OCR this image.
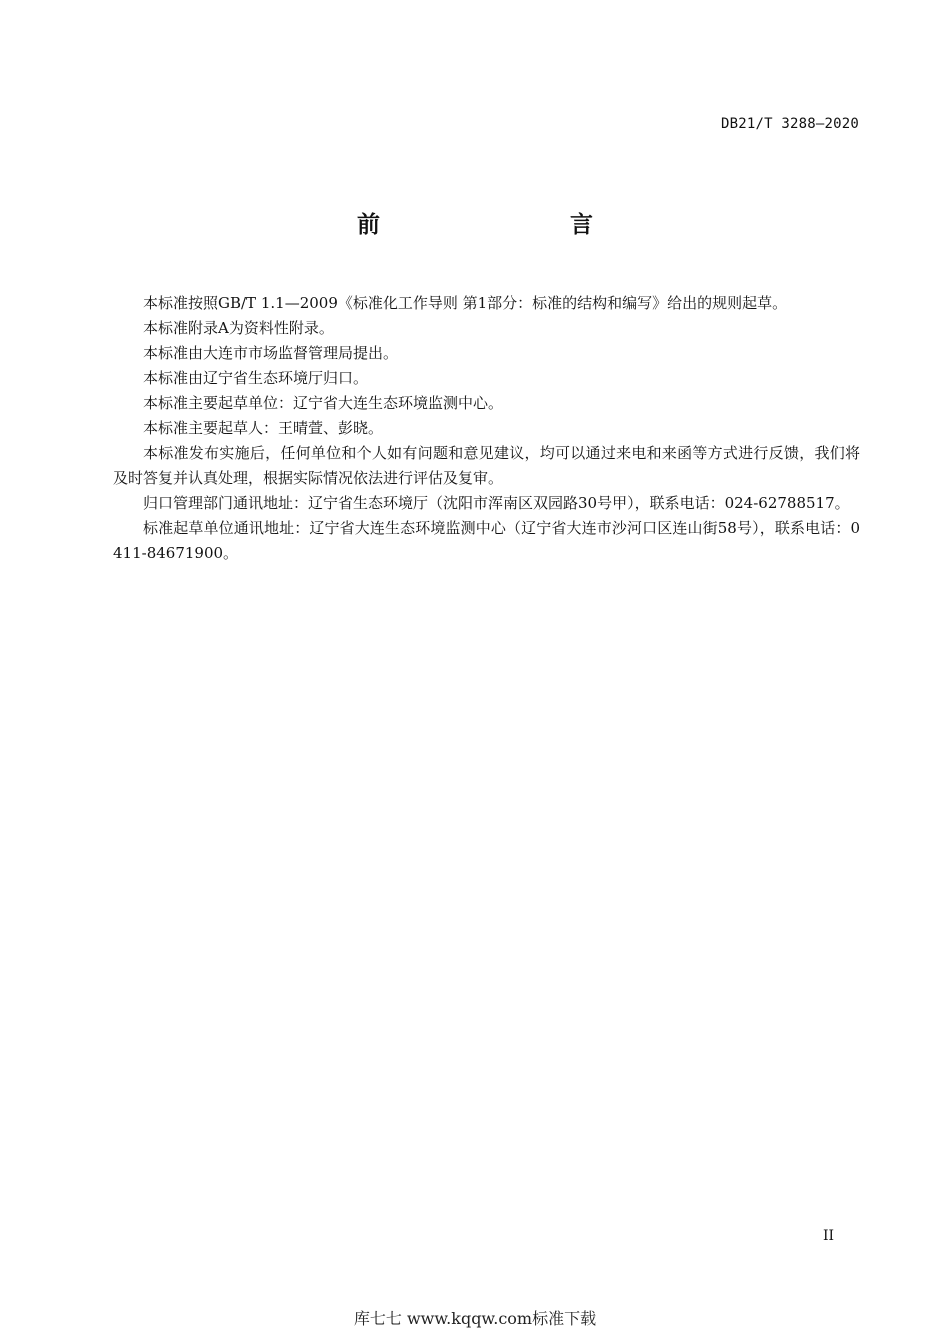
DB21/T 3288—2020
前　　言

本标准按照GB/T 1.1—2009《标准化工作导则 第1部分：标准的结构和编写》给出的规则起草。

本标准附录A为资料性附录。

本标准由大连市市场监督管理局提出。

本标准由辽宁省生态环境厅归口。

本标准主要起草单位：辽宁省大连生态环境监测中心。

本标准主要起草人：王晴萱、彭晓。

本标准发布实施后，任何单位和个人如有问题和意见建议，均可以通过来电和来函等方式进行反馈，我们将及时答复并认真处理，根据实际情况依法进行评估及复审。

归口管理部门通讯地址：辽宁省生态环境厅（沈阳市浑南区双园路30号甲），联系电话：024-62788517。

标准起草单位通讯地址：辽宁省大连生态环境监测中心（辽宁省大连市沙河口区连山街58号），联系电话：0411-84671900。

II
库七七 www.kqqw.com标准下载
